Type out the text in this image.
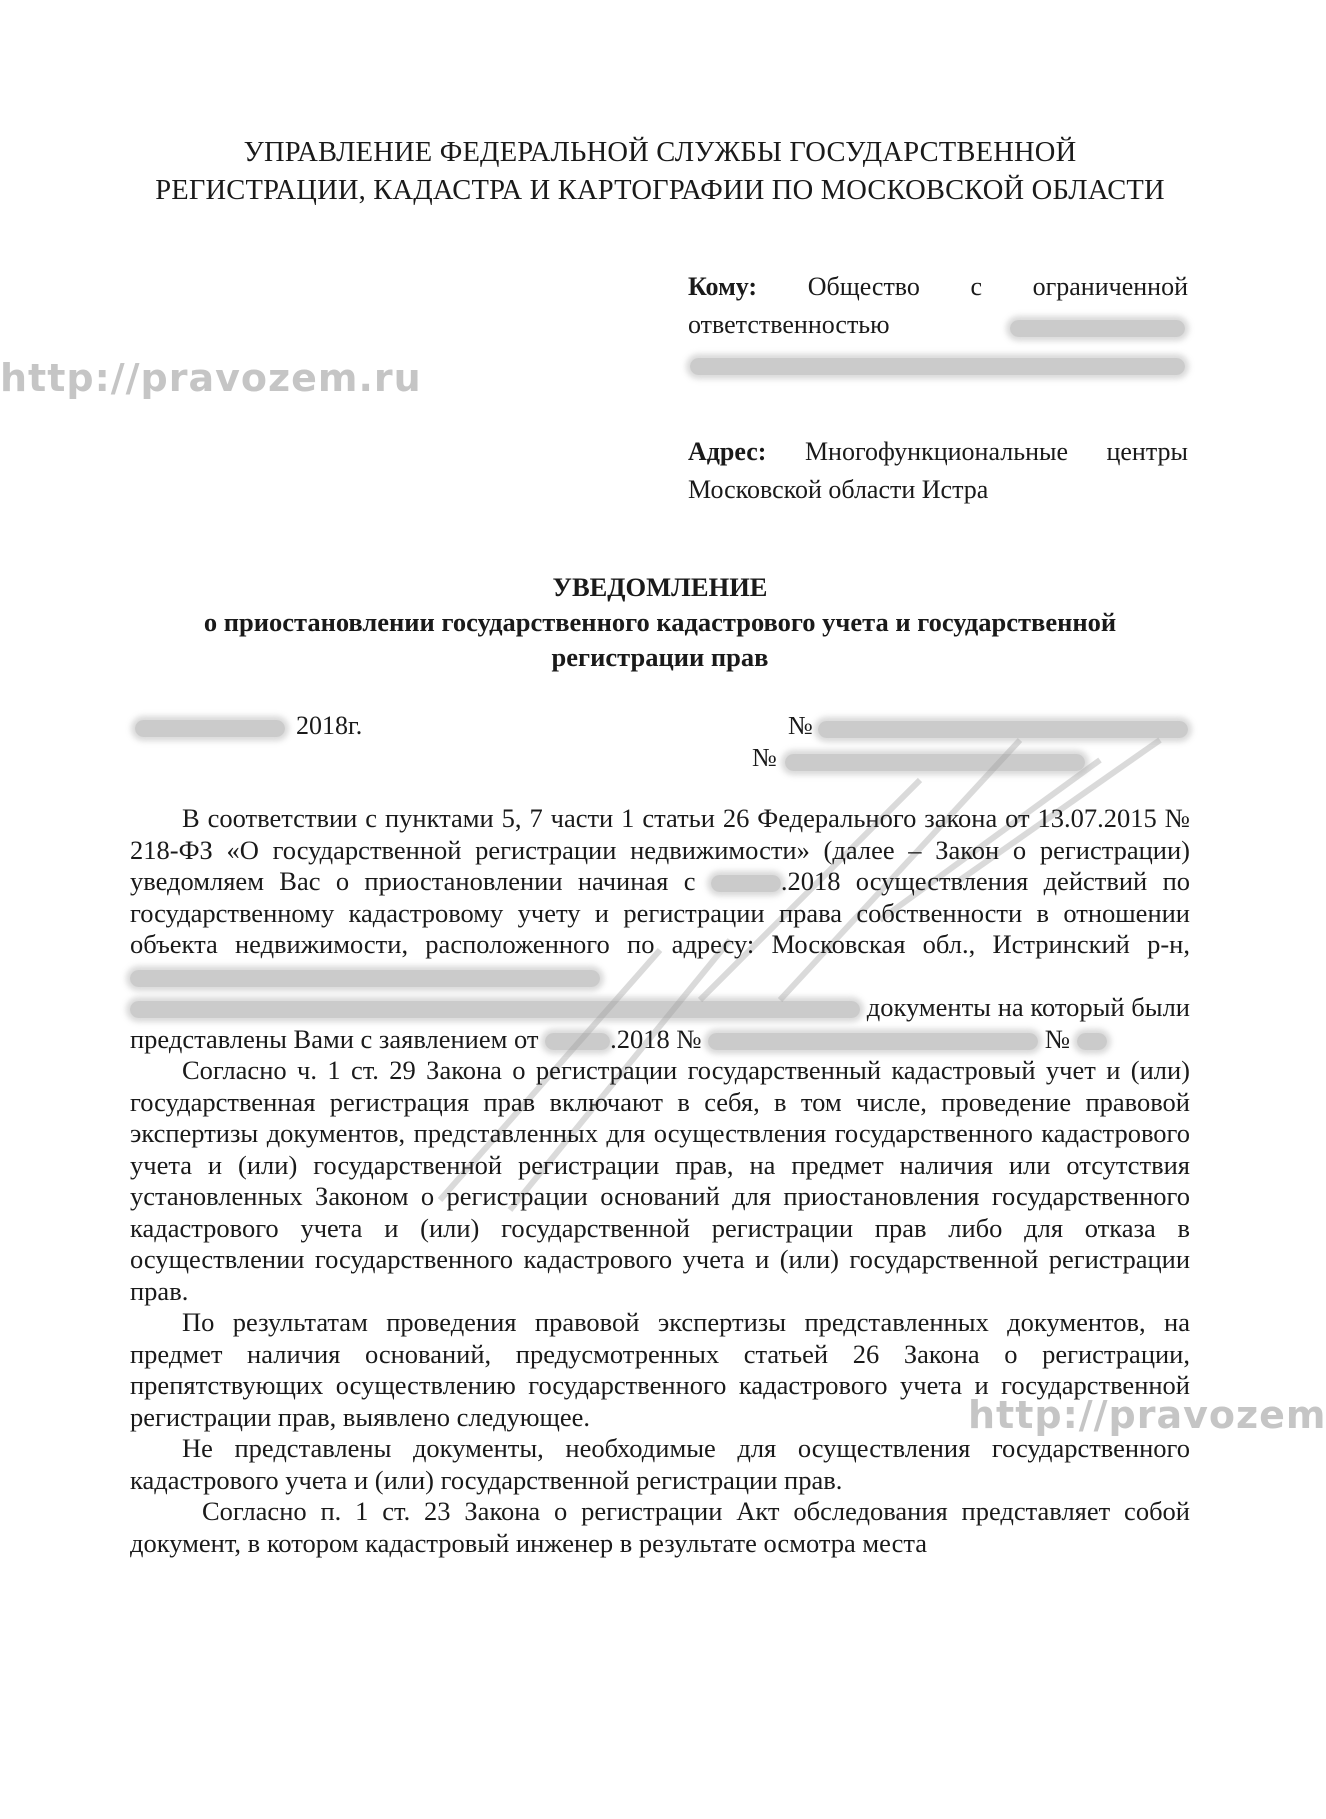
http://pravozem.ru
http://pravozem
УПРАВЛЕНИЕ ФЕДЕРАЛЬНОЙ СЛУЖБЫ ГОСУДАРСТВЕННОЙ
РЕГИСТРАЦИИ, КАДАСТРА И КАРТОГРАФИИ ПО МОСКОВСКОЙ ОБЛАСТИ
Кому: Общество с ограниченной ответственностью
Адрес: Многофункциональные центры Московской области Истра
УВЕДОМЛЕНИЕ
о приостановлении государственного кадастрового учета и государственной регистрации прав
2018г.	№
№

В соответствии с пунктами 5, 7 части 1 статьи 26 Федерального закона от 13.07.2015 № 218-ФЗ «О государственной регистрации недвижимости» (далее – Закон о регистрации) уведомляем Вас о приостановлении начиная с	.2018 осуществления действий по государственному кадастровому учету и регистрации права собственности в отношении объекта недвижимости, расположенного по адресу: Московская обл., Истринский р-н,   документы на который были представлены Вами с заявлением от	.2018 №	№

Согласно ч. 1 ст. 29 Закона о регистрации государственный кадастровый учет и (или) государственная регистрация прав включают в себя, в том числе, проведение правовой экспертизы документов, представленных для осуществления государственного кадастрового учета и (или) государственной регистрации прав, на предмет наличия или отсутствия установленных Законом о регистрации оснований для приостановления государственного кадастрового учета и (или) государственной регистрации прав либо для отказа в осуществлении государственного кадастрового учета и (или) государственной регистрации прав.

По результатам проведения правовой экспертизы представленных документов, на предмет наличия оснований, предусмотренных статьей 26 Закона о регистрации, препятствующих осуществлению государственного кадастрового учета и государственной регистрации прав, выявлено следующее.

Не представлены документы, необходимые для осуществления государственного кадастрового учета и (или) государственной регистрации прав.

Согласно п. 1 ст. 23 Закона о регистрации Акт обследования представляет собой документ, в котором кадастровый инженер в результате осмотра места
